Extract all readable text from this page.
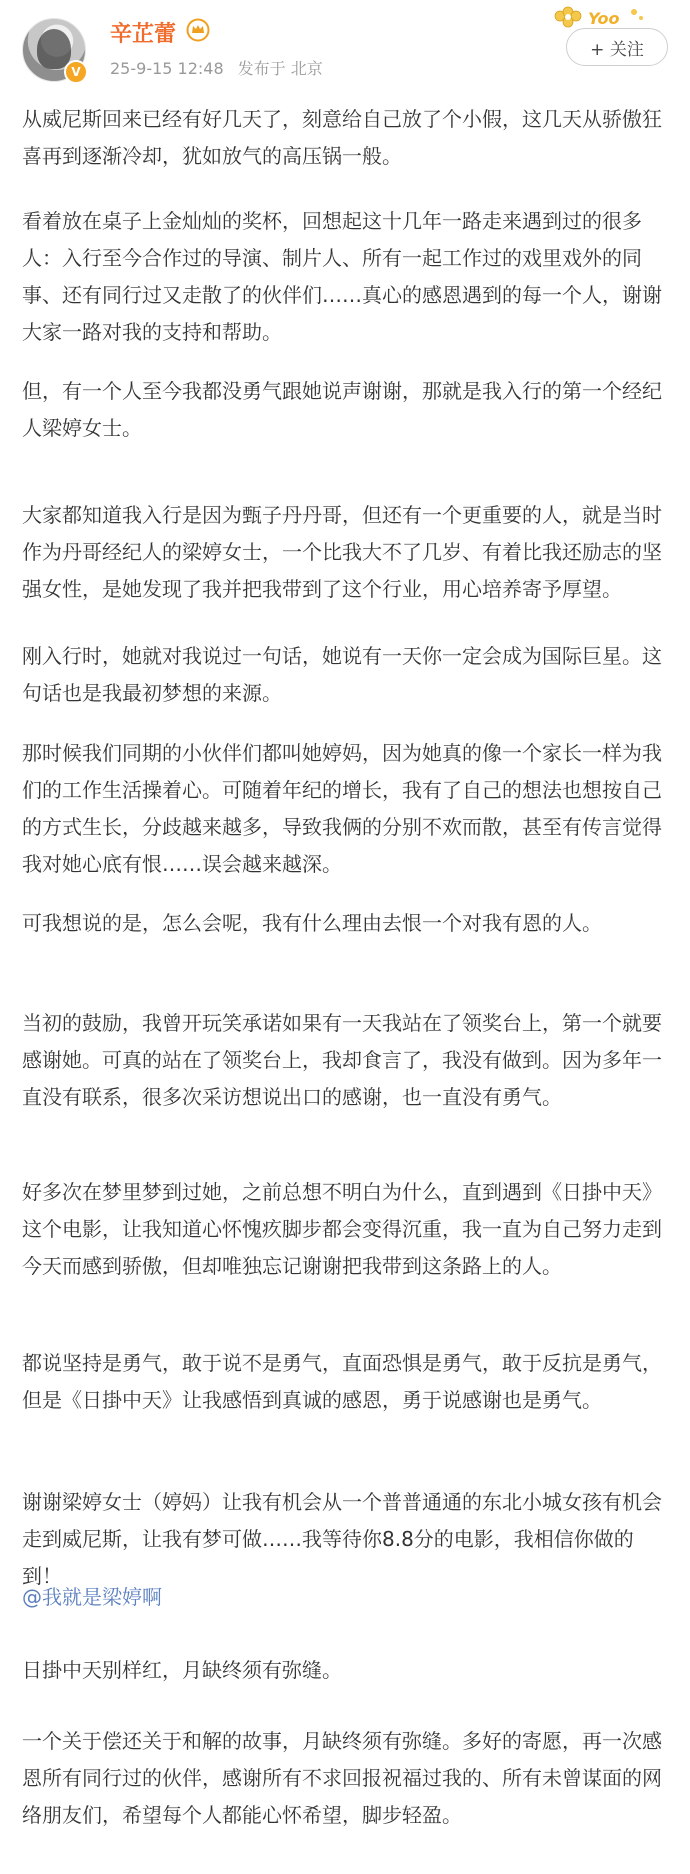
V
辛芷蕾
25-9-15 12:48 发布于 北京
Yoo
+ 关注

从威尼斯回来已经有好几天了，刻意给自己放了个小假，这几天从骄傲狂喜再到逐渐冷却，犹如放气的高压锅一般。

看着放在桌子上金灿灿的奖杯，回想起这十几年一路走来遇到过的很多人：入行至今合作过的导演、制片人、所有一起工作过的戏里戏外的同事、还有同行过又走散了的伙伴们……真心的感恩遇到的每一个人，谢谢大家一路对我的支持和帮助。

但，有一个人至今我都没勇气跟她说声谢谢，那就是我入行的第一个经纪人梁婷女士。

大家都知道我入行是因为甄子丹丹哥，但还有一个更重要的人，就是当时作为丹哥经纪人的梁婷女士，一个比我大不了几岁、有着比我还励志的坚强女性，是她发现了我并把我带到了这个行业，用心培养寄予厚望。

刚入行时，她就对我说过一句话，她说有一天你一定会成为国际巨星。这句话也是我最初梦想的来源。

那时候我们同期的小伙伴们都叫她婷妈，因为她真的像一个家长一样为我们的工作生活操着心。可随着年纪的增长，我有了自己的想法也想按自己的方式生长，分歧越来越多，导致我俩的分别不欢而散，甚至有传言觉得我对她心底有恨……误会越来越深。

可我想说的是，怎么会呢，我有什么理由去恨一个对我有恩的人。

当初的鼓励，我曾开玩笑承诺如果有一天我站在了领奖台上，第一个就要感谢她。可真的站在了领奖台上，我却食言了，我没有做到。因为多年一直没有联系，很多次采访想说出口的感谢，也一直没有勇气。

好多次在梦里梦到过她，之前总想不明白为什么，直到遇到《日掛中天》这个电影，让我知道心怀愧疚脚步都会变得沉重，我一直为自己努力走到今天而感到骄傲，但却唯独忘记谢谢把我带到这条路上的人。

都说坚持是勇气，敢于说不是勇气，直面恐惧是勇气，敢于反抗是勇气，但是《日掛中天》让我感悟到真诚的感恩，勇于说感谢也是勇气。

谢谢梁婷女士（婷妈）让我有机会从一个普普通通的东北小城女孩有机会走到威尼斯，让我有梦可做……我等待你8.8分的电影，我相信你做的到！

@我就是梁婷啊

日掛中天别样红，月缺终须有弥缝。

一个关于偿还关于和解的故事，月缺终须有弥缝。多好的寄愿，再一次感恩所有同行过的伙伴，感谢所有不求回报祝福过我的、所有未曾谋面的网络朋友们，希望每个人都能心怀希望，脚步轻盈。
